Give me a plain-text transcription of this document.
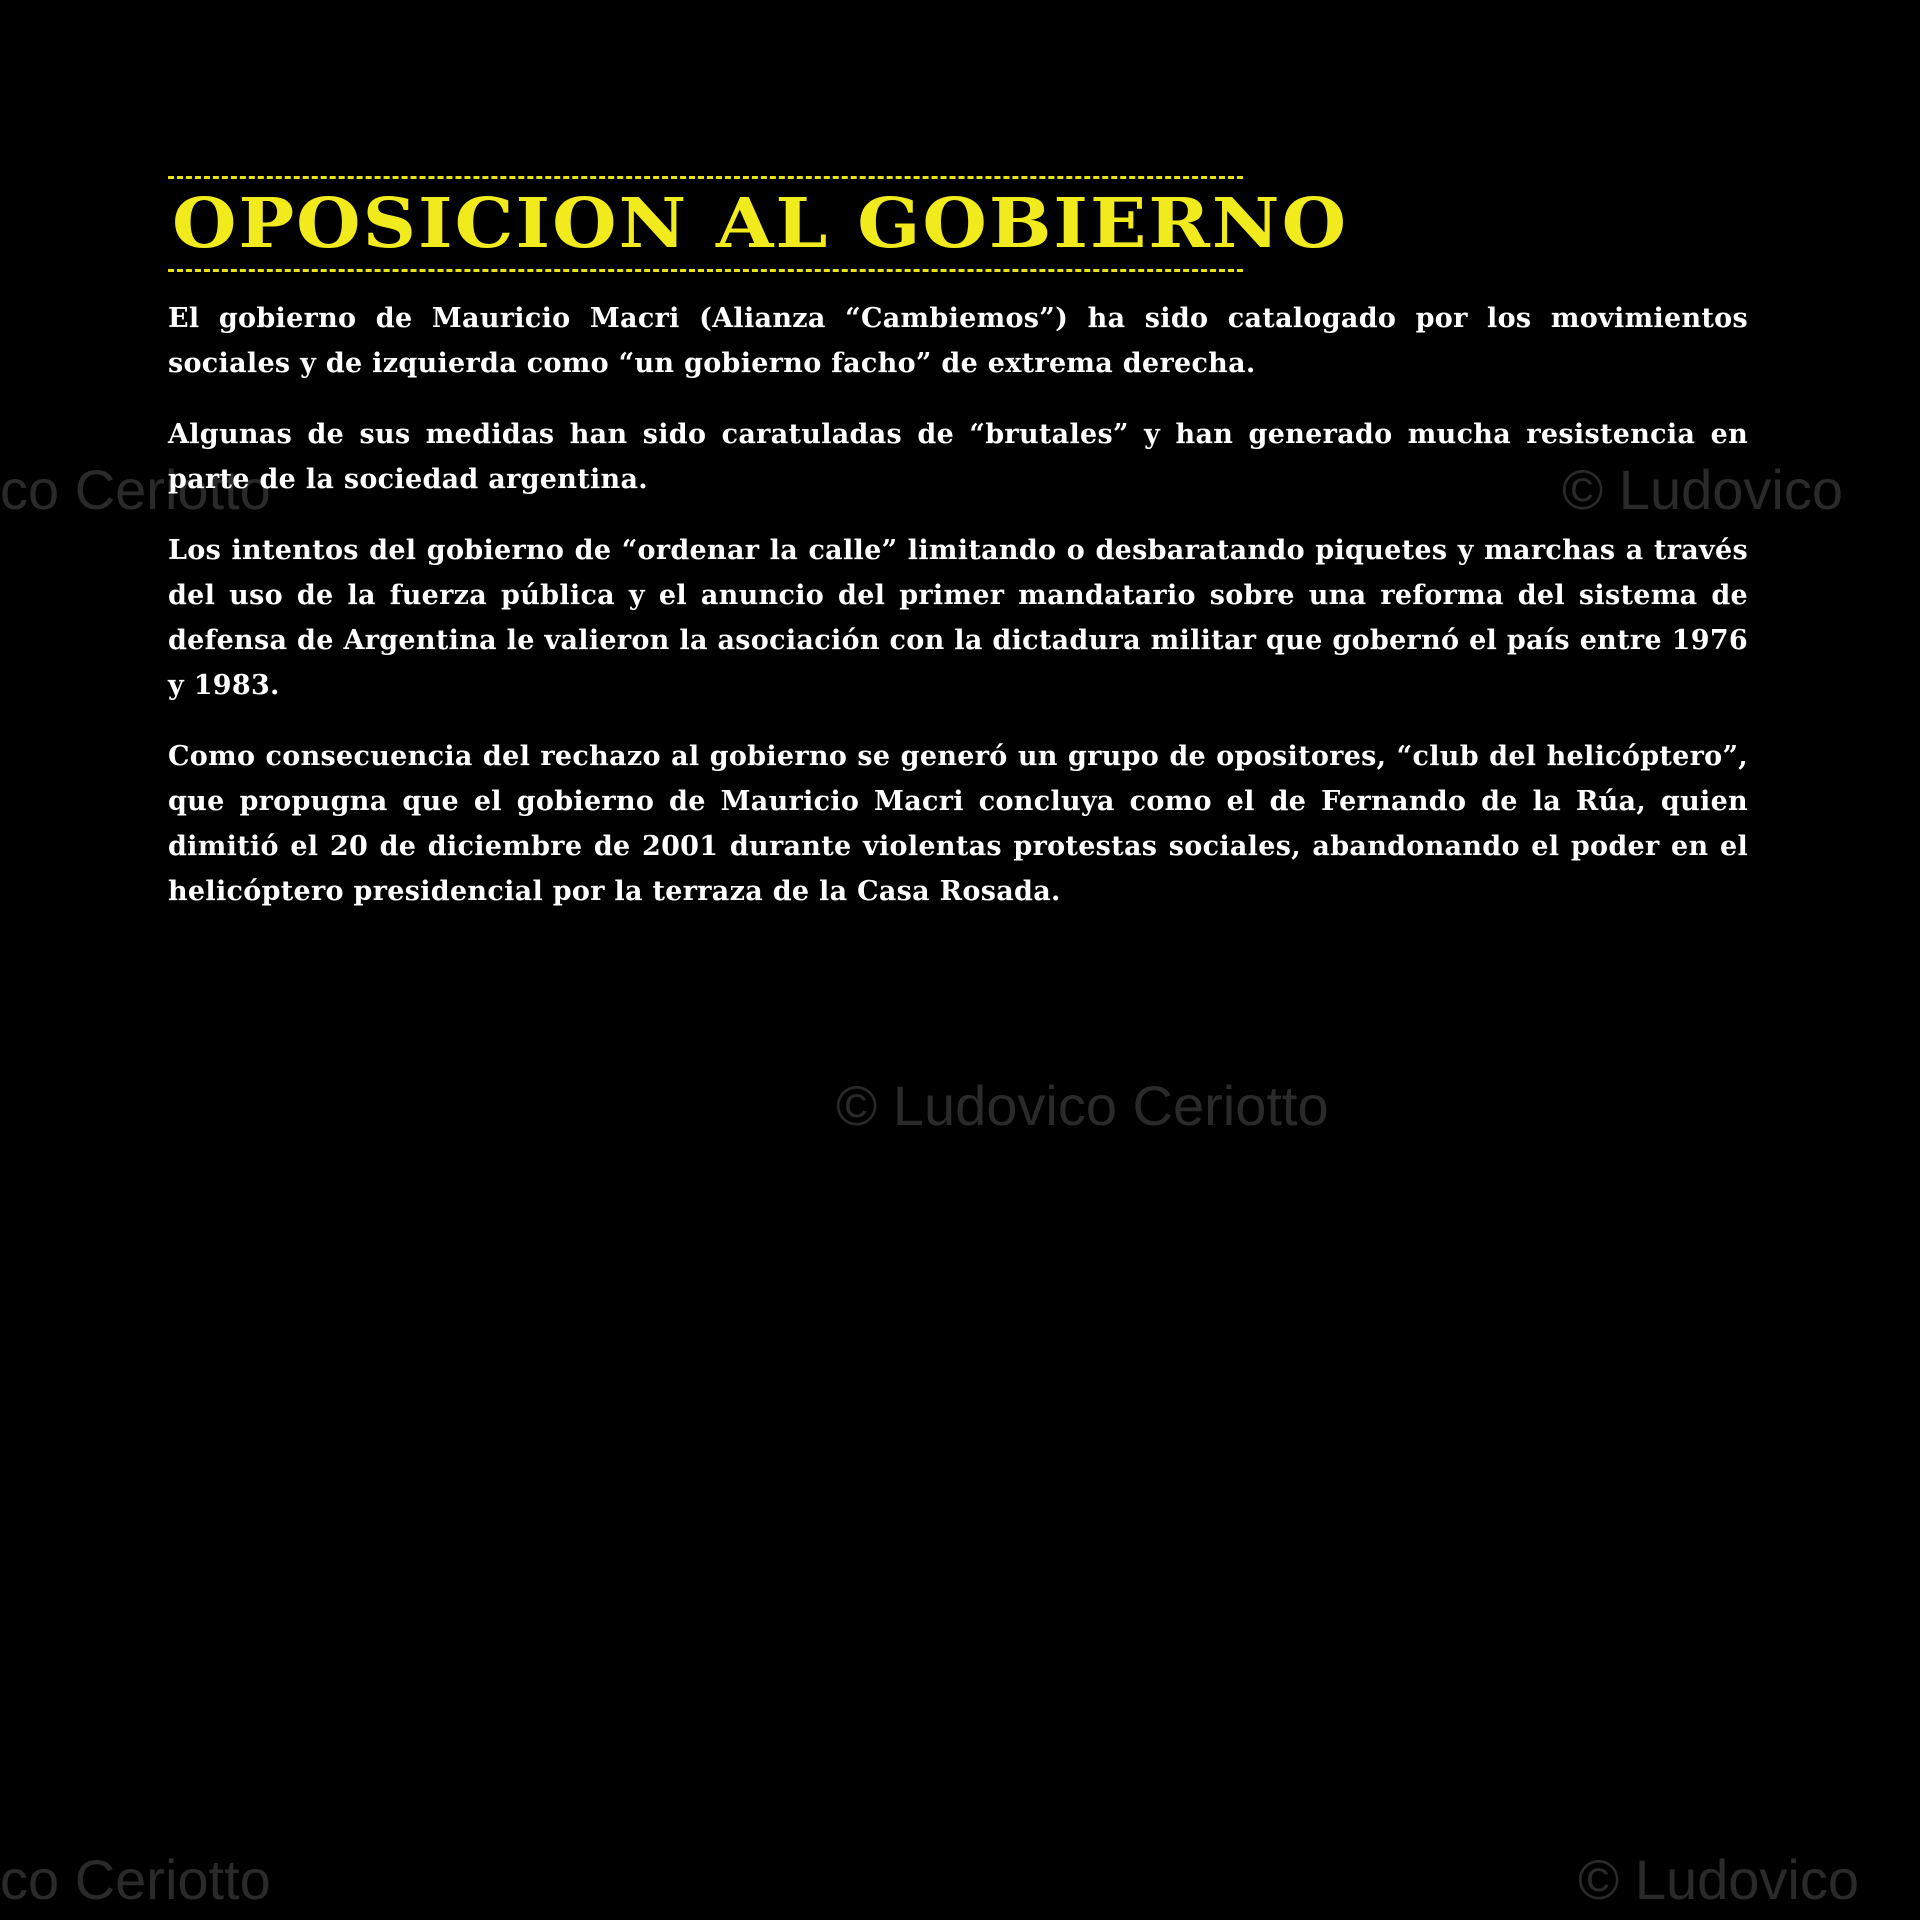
co Ceriotto	© Ludovico
© Ludovico Ceriotto
co Ceriotto	© Ludovico
OPOSICION AL GOBIERNO

El gobierno de Mauricio Macri (Alianza “Cambiemos”) ha sido catalogado por los movimientos sociales y de izquierda como “un gobierno facho” de extrema derecha.

Algunas de sus medidas han sido caratuladas de “brutales” y han generado mucha resistencia en parte de la sociedad argentina.

Los intentos del gobierno de “ordenar la calle” limitando o desbaratando piquetes y marchas a través del uso de la fuerza pública y el anuncio del primer mandatario sobre una reforma del sistema de defensa de Argentina le valieron la asociación con la dictadura militar que gobernó el país entre 1976 y 1983.

Como consecuencia del rechazo al gobierno se generó un grupo de opositores, “club del helicóptero”, que propugna que el gobierno de Mauricio Macri concluya como el de Fernando de la Rúa, quien dimitió el 20 de diciembre de 2001 durante violentas protestas sociales, abandonando el poder en el helicóptero presidencial por la terraza de la Casa Rosada.
